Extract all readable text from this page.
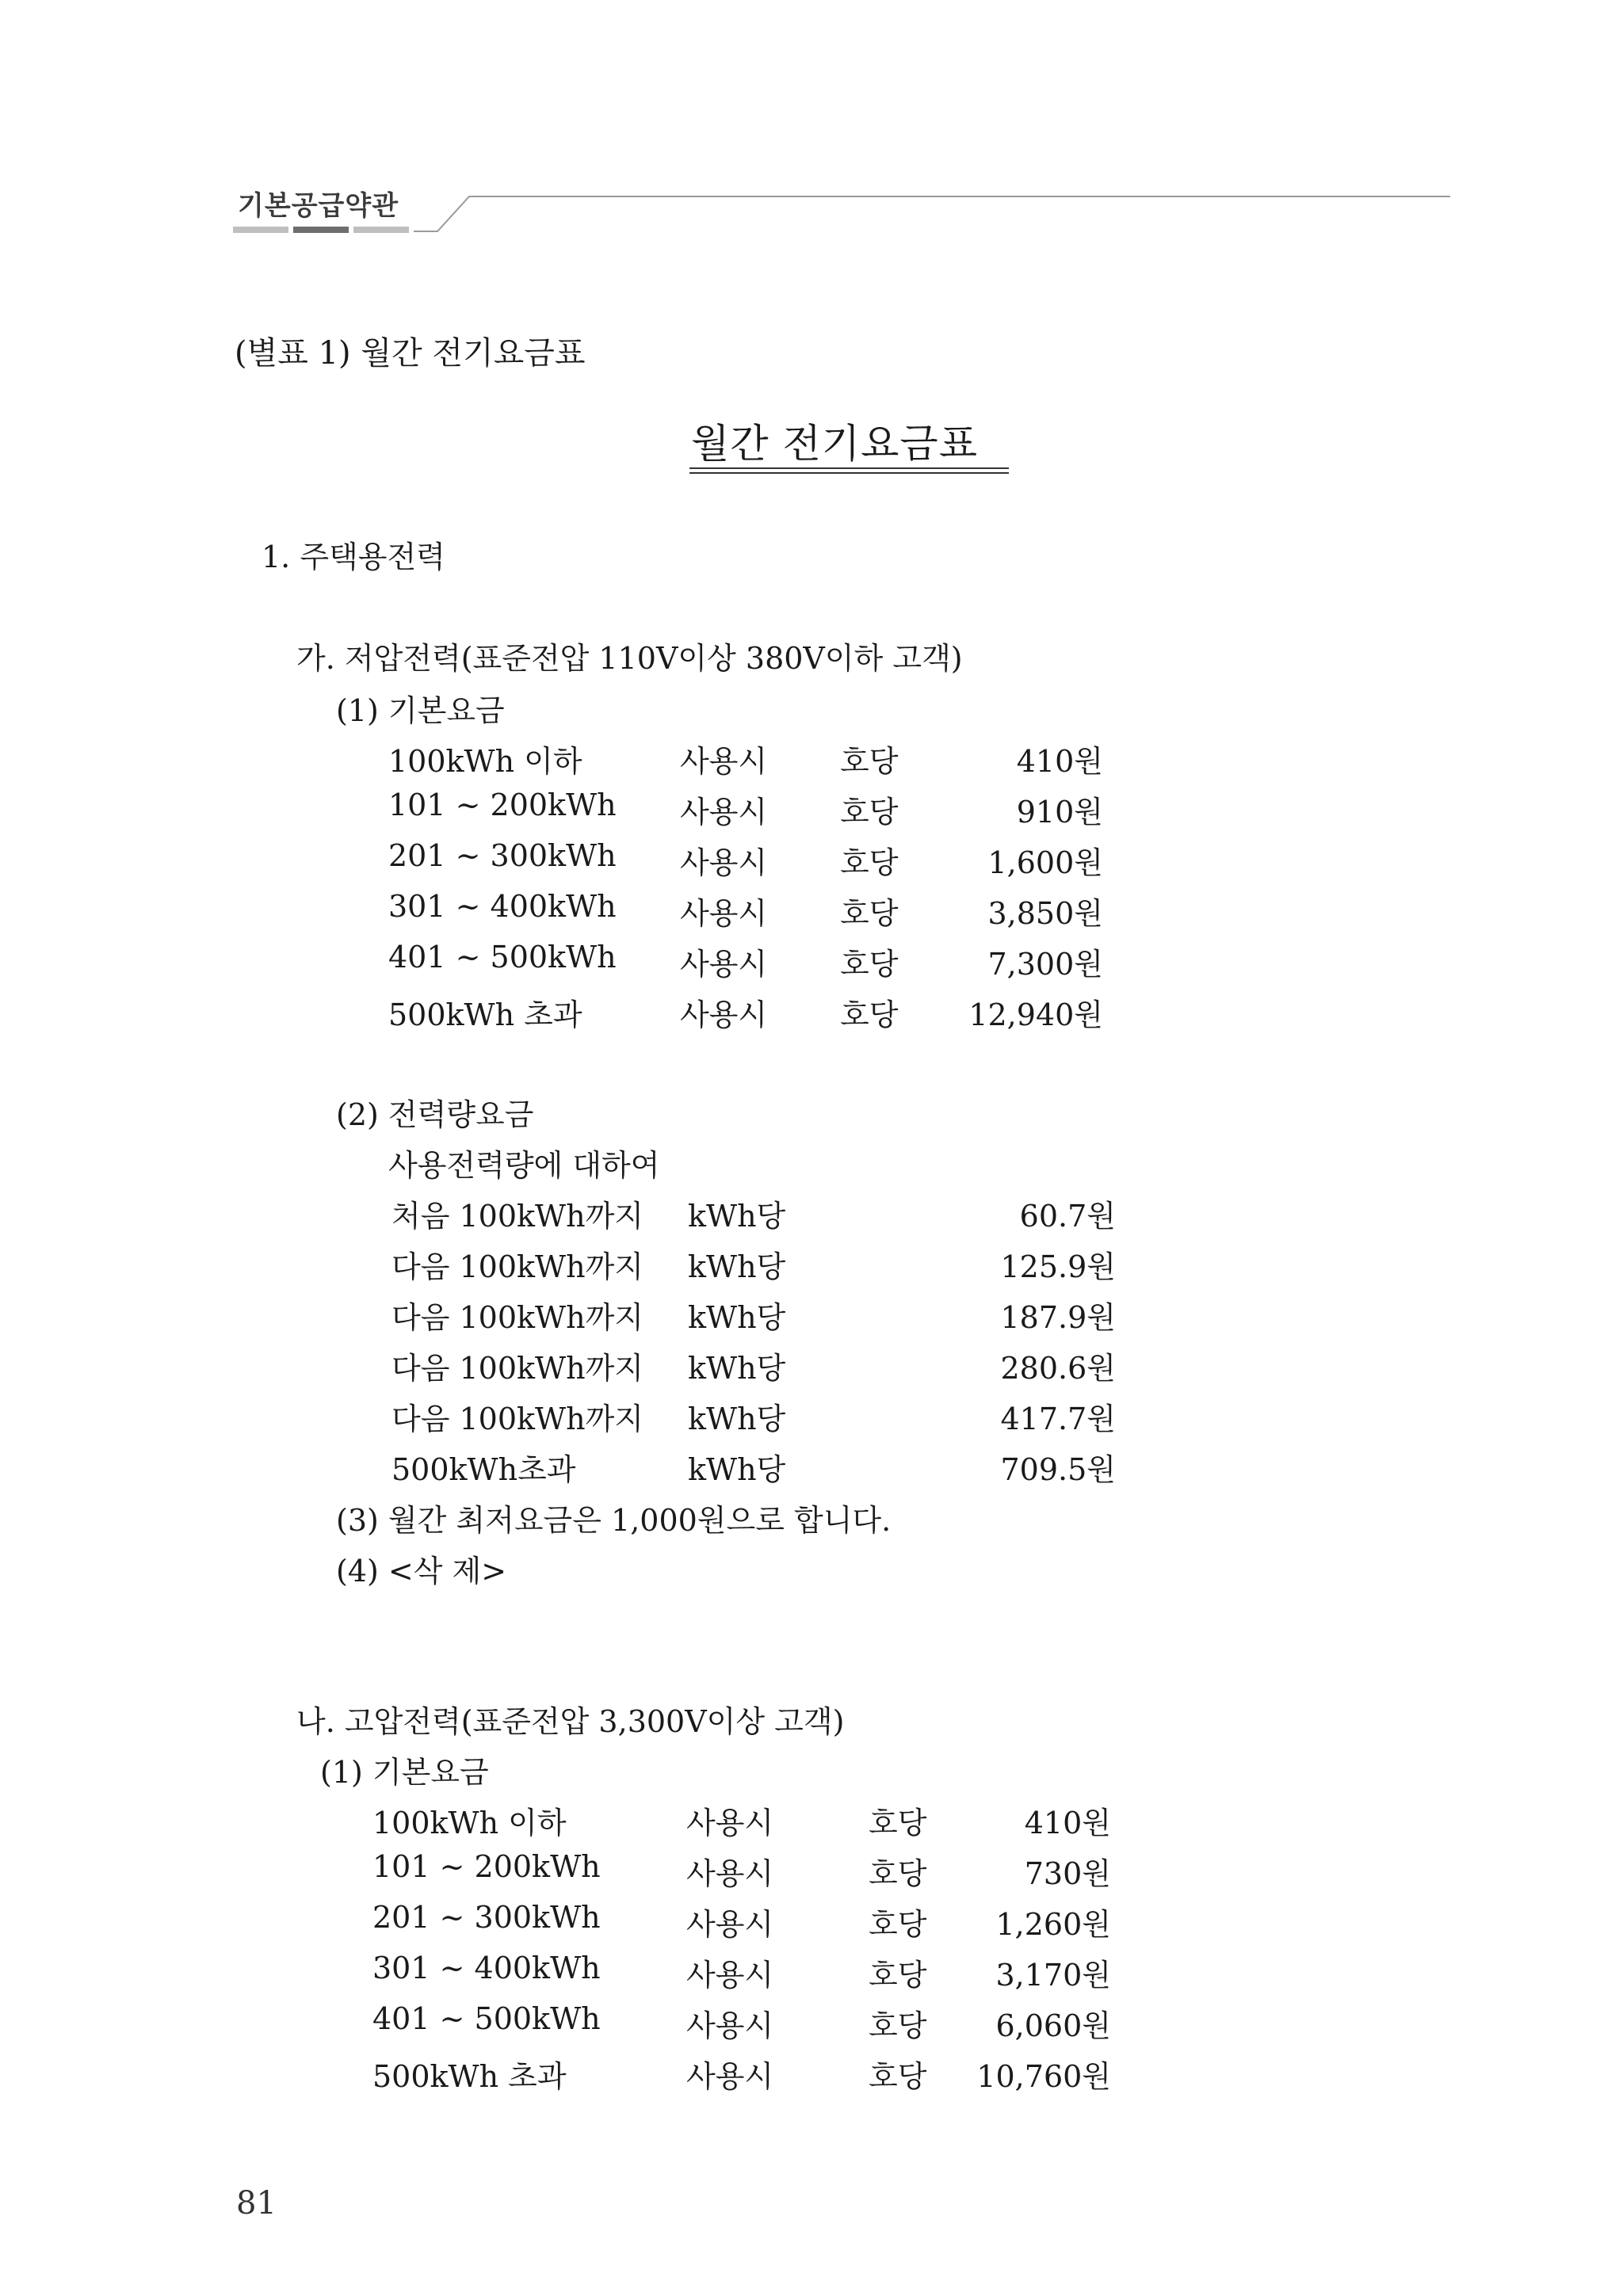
기본공급약관
(별표 1) 월간 전기요금표
월간 전기요금표
1. 주택용전력
가. 저압전력(표준전압 110V이상 380V이하 고객)
(1) 기본요금
100kWh 이하	사용시 호당	410원
101 ~ 200kWh 사용시 호당	910원
201 ~ 300kWh 사용시 호당	1,600원
301 ~ 400kWh 사용시 호당	3,850원
401 ~ 500kWh 사용시 호당	7,300원
500kWh 초과	사용시 호당	12,940원
(2) 전력량요금
사용전력량에 대하여
처음 100kWh까지 kWh당	60.7원
다음 100kWh까지 kWh당	125.9원
다음 100kWh까지 kWh당	187.9원
다음 100kWh까지 kWh당	280.6원
다음 100kWh까지 kWh당	417.7원
500kWh초과	kWh당	709.5원
(3) 월간 최저요금은 1,000원으로 합니다.
(4) <삭 제>
나. 고압전력(표준전압 3,300V이상 고객)
(1) 기본요금
100kWh 이하	사용시	호당	410원
101 ~ 200kWh	사용시	호당	730원
201 ~ 300kWh	사용시	호당	1,260원
301 ~ 400kWh	사용시	호당	3,170원
401 ~ 500kWh	사용시	호당	6,060원
500kWh 초과	사용시	호당	10,760원
81
